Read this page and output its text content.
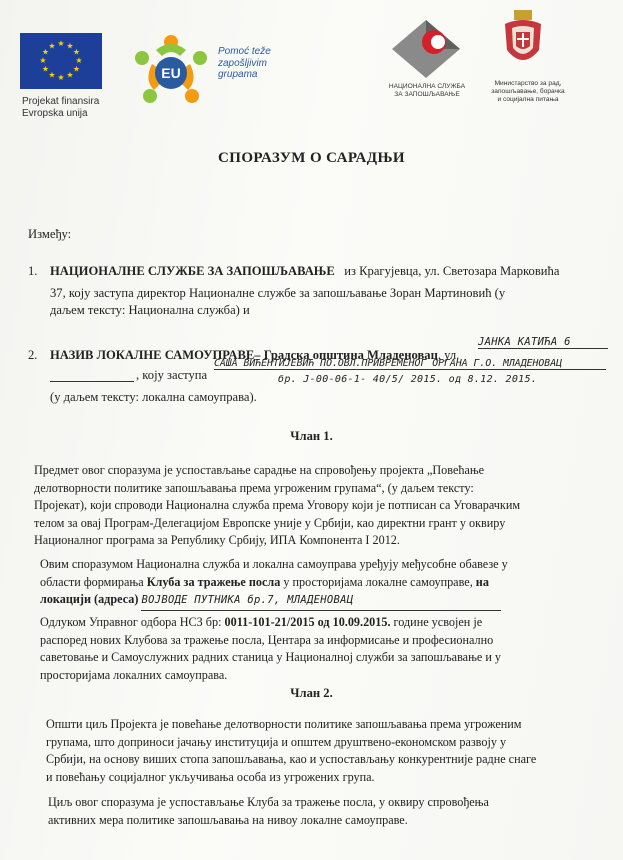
★ ★
★
★
★
★
★
★
★
★
★
★
Projekat finansira
Evropska unija
EU
Pomoć teže
zapošljivim
grupama
НАЦИОНАЛНА СЛУЖБА
ЗА ЗАПОШЉАВАЊЕ
Министарство за рад,
запошљавање, борачка
и социјална питања
СПОРАЗУМ О САРАДЊИ
Између:
1. НАЦИОНАЛНЕ СЛУЖБЕ ЗА ЗАПОШЉАВАЊЕ из Крагујевца, ул. Светозара Марковића
37, коју заступа директор Националне службе за запошљавање Зоран Мартиновић (у
даљем тексту: Национална служба) и
2. НАЗИВ ЛОКАЛНЕ САМОУПРАВЕ– Градска општина Младеновац, ул.
ЈАНКА КАТИЋА 6
, коју заступа
САША ВИЋЕНТИЈЕВИЋ ПО.ОВЛ.ПРИВРЕМЕНОГ ОРГАНА Г.О. МЛАДЕНОВАЦ
бр. Ј-00-06-1- 40/5/ 2015. од 8.12. 2015.
(у даљем тексту: локална самоуправа).
Члан 1.
Предмет овог споразума је успостављање сарадње на спровођењу пројекта „Повећање
делотворности политике запошљавања према угроженим групама“, (у даљем тексту:
Пројекат), који спроводи Национална служба према Уговору који је потписан са Уговарачким
телом за овај Програм-Делегацијом Европске уније у Србији, као директни грант у оквиру
Националног програма за Републику Србију, ИПА Компонента I 2012.
Овим споразумом Национална служба и локална самоуправа уређују међусобне обавезе у
области формирања Клуба за тражење посла у просторијама локалне самоуправе, на
локацији (адреса) ВОЈВОДЕ ПУТНИКА бр.7, МЛАДЕНОВАЦ
Одлуком Управног одбора НСЗ бр: 0011-101-21/2015 од 10.09.2015. године усвојен је
распоред нових Клубова за тражење посла, Центара за информисање и професионално
саветовање и Самоуслужних радних станица у Националној служби за запошљавање и у
просторијама локалних самоуправа.
Члан 2.
Општи циљ Пројекта је повећање делотворности политике запошљавања према угроженим
групама, што доприноси јачању институција и општем друштвено-економском развоју у
Србији, на основу виших стопа запошљавања, као и успостављању конкурентније радне снаге
и повећању социјалног укључивања особа из угрожених група.
Циљ овог споразума је успостављање Клуба за тражење посла, у оквиру спровођења
активних мера политике запошљавања на нивоу локалне самоуправе.
